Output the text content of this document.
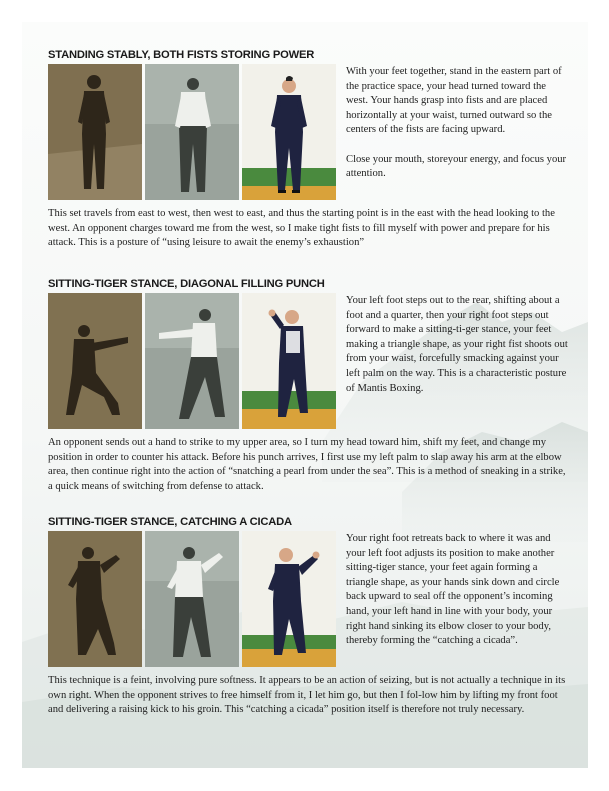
STANDING STABLY, BOTH FISTS STORING POWER

With your feet together, stand in the eastern part of the practice space, your head turned toward the west. Your hands grasp into fists and are placed horizontally at your waist, turned outward so the centers of the fists are facing upward.

Close your mouth, storeyour energy, and focus your attention.

This set travels from east to west, then west to east, and thus the starting point is in the east with the head looking to the west. An opponent charges toward me from the west, so I make tight fists to fill myself with power and prepare for his attack. This is a posture of “using leisure to await the enemy’s exhaustion”

SITTING-TIGER STANCE, DIAGONAL FILLING PUNCH

Your left foot steps out to the rear, shifting about a foot and a quarter, then your right foot steps out forward to make a sitting-ti-ger stance, your feet making a triangle shape, as your right fist shoots out from your waist, forcefully smacking against your left palm on the way. This is a characteristic posture of Mantis Boxing.

An opponent sends out a hand to strike to my upper area, so I turn my head toward him, shift my feet, and change my position in order to counter his attack. Before his punch arrives, I first use my left palm to slap away his arm at the elbow area, then continue right into the action of “snatching a pearl from under the sea”. This is a method of sneaking in a strike, a quick means of switching from defense to attack.

SITTING-TIGER STANCE, CATCHING A CICADA

Your right foot retreats back to where it was and your left foot adjusts its position to make another sitting-tiger stance, your feet again forming a triangle shape, as your hands sink down and circle back upward to seal off the opponent’s incoming hand, your left hand in line with your body, your right hand sinking its elbow closer to your body, thereby forming the “catching a cicada”.

This technique is a feint, involving pure softness. It appears to be an action of seizing, but is not actually a technique in its own right. When the opponent strives to free himself from it, I let him go, but then I fol-low him by lifting my front foot and delivering a raising kick to his groin. This “catching a cicada” position itself is therefore not truly necessary.
